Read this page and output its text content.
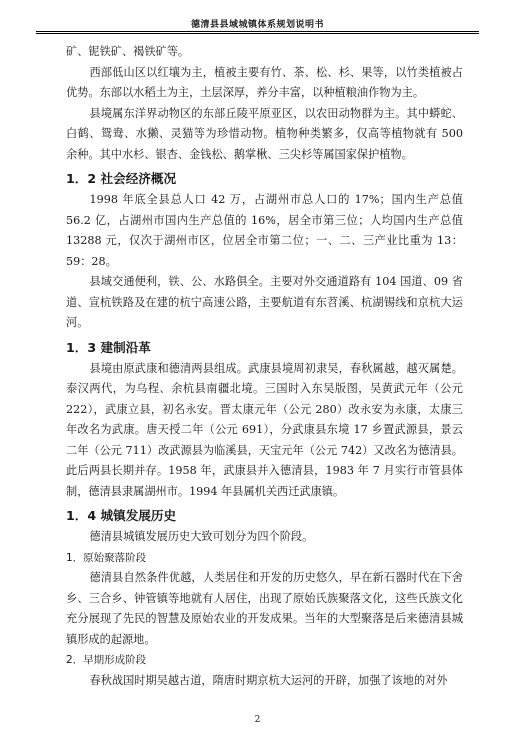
德清县县域城镇体系规划说明书

矿、铌铁矿、褐铁矿等。

西部低山区以红壤为主，植被主要有竹、茶、松、杉、果等，以竹类植被占优势。东部以水稻土为主，土层深厚，养分丰富，以种植粮油作物为主。

县境属东洋界动物区的东部丘陵平原亚区，以农田动物群为主。其中蟒蛇、白鹤、鸳鸯、水獭、灵猫等为珍惜动物。植物种类繁多，仅高等植物就有 500 余种。其中水杉、银杏、金钱松、鹅掌楸、三尖杉等属国家保护植物。

1．2 社会经济概况

1998 年底全县总人口 42 万，占湖州市总人口的 17%；国内生产总值 56.2 亿，占湖州市国内生产总值的 16%，居全市第三位；人均国内生产总值 13288 元，仅次于湖州市区，位居全市第二位；一、二、三产业比重为 13：59：28。

县域交通便利，铁、公、水路俱全。主要对外交通道路有 104 国道、09 省道、宣杭铁路及在建的杭宁高速公路，主要航道有东苕溪、杭湖锡线和京杭大运河。

1．3 建制沿革

县境由原武康和德清两县组成。武康县境周初隶吴，春秋属越，越灭属楚。泰汉两代，为乌程、余杭县南疆北境。三国时入东吴版图，吴黄武元年（公元 222），武康立县，初名永安。晋太康元年（公元 280）改永安为永康，太康三年改名为武康。唐天授二年（公元 691），分武康县东境 17 乡置武源县，景云二年（公元 711）改武源县为临溪县，天宝元年（公元 742）又改名为德清县。此后两县长期并存。1958 年，武康县并入德清县，1983 年 7 月实行市管县体制，德清县隶属湖州市。1994 年县属机关西迁武康镇。

1．4 城镇发展历史

德清县城镇发展历史大致可划分为四个阶段。

1．原始聚落阶段

德清县自然条件优越，人类居住和开发的历史悠久，早在新石器时代在下舍乡、三合乡、钟管镇等地就有人居住，出现了原始氏族聚落文化，这些氏族文化充分展现了先民的智慧及原始农业的开发成果。当年的大型聚落是后来德清县城镇形成的起源地。

2．早期形成阶段

春秋战国时期吴越古道，隋唐时期京杭大运河的开辟，加强了该地的对外

2
